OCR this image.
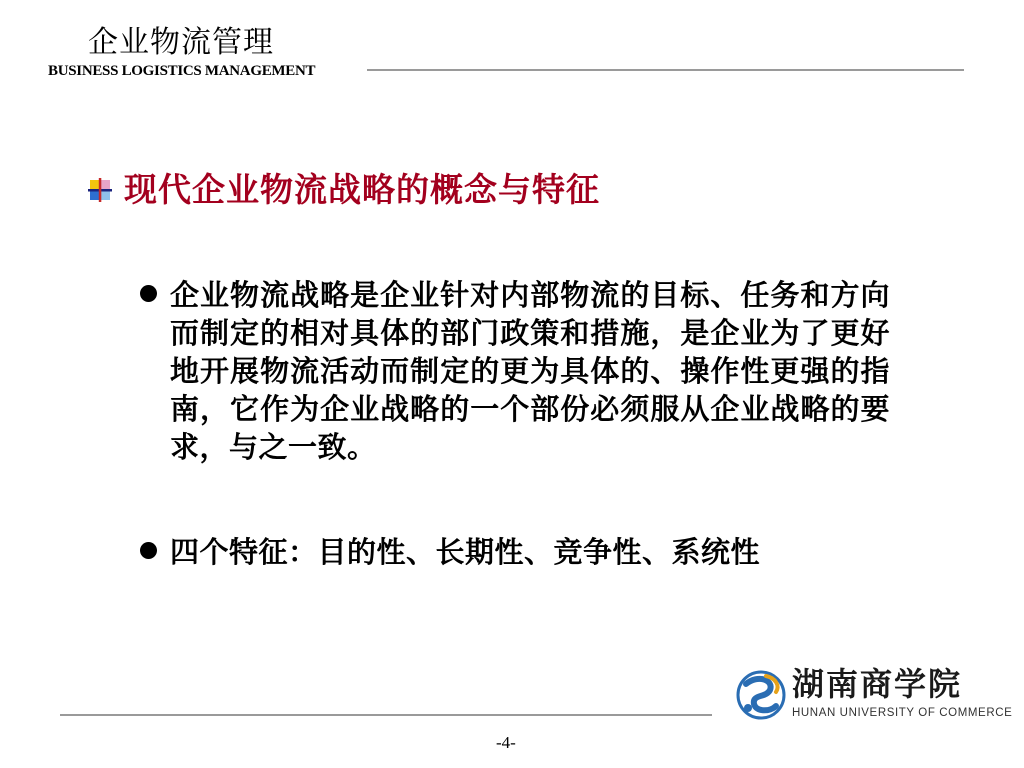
企业物流管理
BUSINESS LOGISTICS MANAGEMENT
现代企业物流战略的概念与特征
企业物流战略是企业针对内部物流的目标、任务和方向而制定的相对具体的部门政策和措施，是企业为了更好地开展物流活动而制定的更为具体的、操作性更强的指南，它作为企业战略的一个部份必须服从企业战略的要求，与之一致。
四个特征：目的性、长期性、竞争性、系统性
湖南商学院
HUNAN UNIVERSITY OF COMMERCE
-4-
